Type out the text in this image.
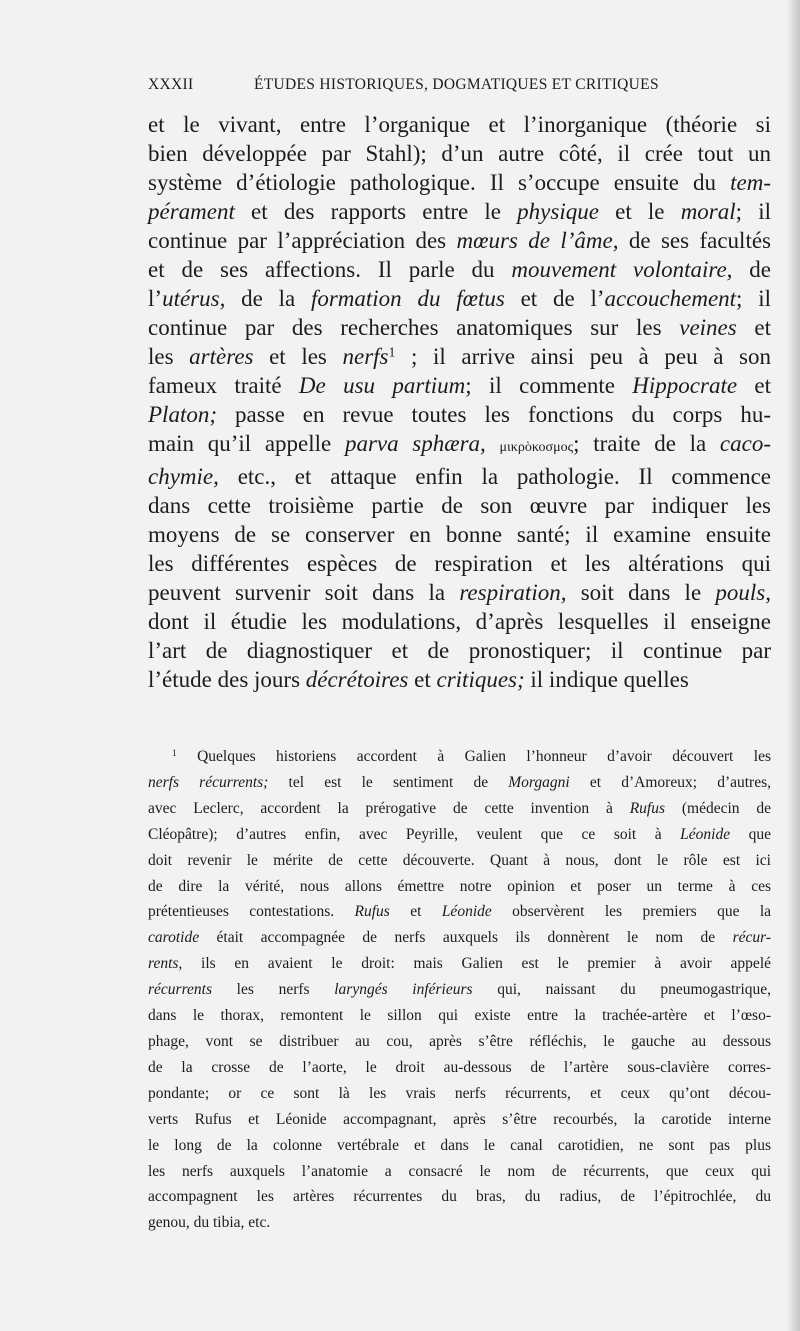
XXXII	ÉTUDES HISTORIQUES, DOGMATIQUES ET CRITIQUES
et le vivant, entre l’organique et l’inorganique (théorie si
bien développée par Stahl); d’un autre côté, il crée tout un
système d’étiologie pathologique. Il s’occupe ensuite du tem-
pérament et des rapports entre le physique et le moral; il
continue par l’appréciation des mœurs de l’âme, de ses facultés
et de ses affections. Il parle du mouvement volontaire, de
l’utérus, de la formation du fœtus et de l’accouchement; il
continue par des recherches anatomiques sur les veines et
les artères et les nerfs$^1$ ; il arrive ainsi peu à peu à son
fameux traité De usu partium; il commente Hippocrate et
Platon; passe en revue toutes les fonctions du corps hu-
main qu’il appelle parva sphæra, μικρὸκοσμος; traite de la caco-
chymie, etc., et attaque enfin la pathologie. Il commence
dans cette troisième partie de son œuvre par indiquer les
moyens de se conserver en bonne santé; il examine ensuite
les différentes espèces de respiration et les altérations qui
peuvent survenir soit dans la respiration, soit dans le pouls,
dont il étudie les modulations, d’après lesquelles il enseigne
l’art de diagnostiquer et de pronostiquer; il continue par
l’étude des jours décrétoires et critiques; il indique quelles
$^1$ Quelques historiens accordent à Galien l’honneur d’avoir découvert les
nerfs récurrents; tel est le sentiment de Morgagni et d’Amoreux; d’autres,
avec Leclerc, accordent la prérogative de cette invention à Rufus (médecin de
Cléopâtre); d’autres enfin, avec Peyrille, veulent que ce soit à Léonide que
doit revenir le mérite de cette découverte. Quant à nous, dont le rôle est ici
de dire la vérité, nous allons émettre notre opinion et poser un terme à ces
prétentieuses contestations. Rufus et Léonide observèrent les premiers que la
carotide était accompagnée de nerfs auxquels ils donnèrent le nom de récur-
rents, ils en avaient le droit: mais Galien est le premier à avoir appelé
récurrents les nerfs laryngés inférieurs qui, naissant du pneumogastrique,
dans le thorax, remontent le sillon qui existe entre la trachée-artère et l’œso-
phage, vont se distribuer au cou, après s’être réfléchis, le gauche au dessous
de la crosse de l’aorte, le droit au-dessous de l’artère sous-clavière corres-
pondante; or ce sont là les vrais nerfs récurrents, et ceux qu’ont décou-
verts Rufus et Léonide accompagnant, après s’être recourbés, la carotide interne
le long de la colonne vertébrale et dans le canal carotidien, ne sont pas plus
les nerfs auxquels l’anatomie a consacré le nom de récurrents, que ceux qui
accompagnent les artères récurrentes du bras, du radius, de l’épitrochlée, du
genou, du tibia, etc.
